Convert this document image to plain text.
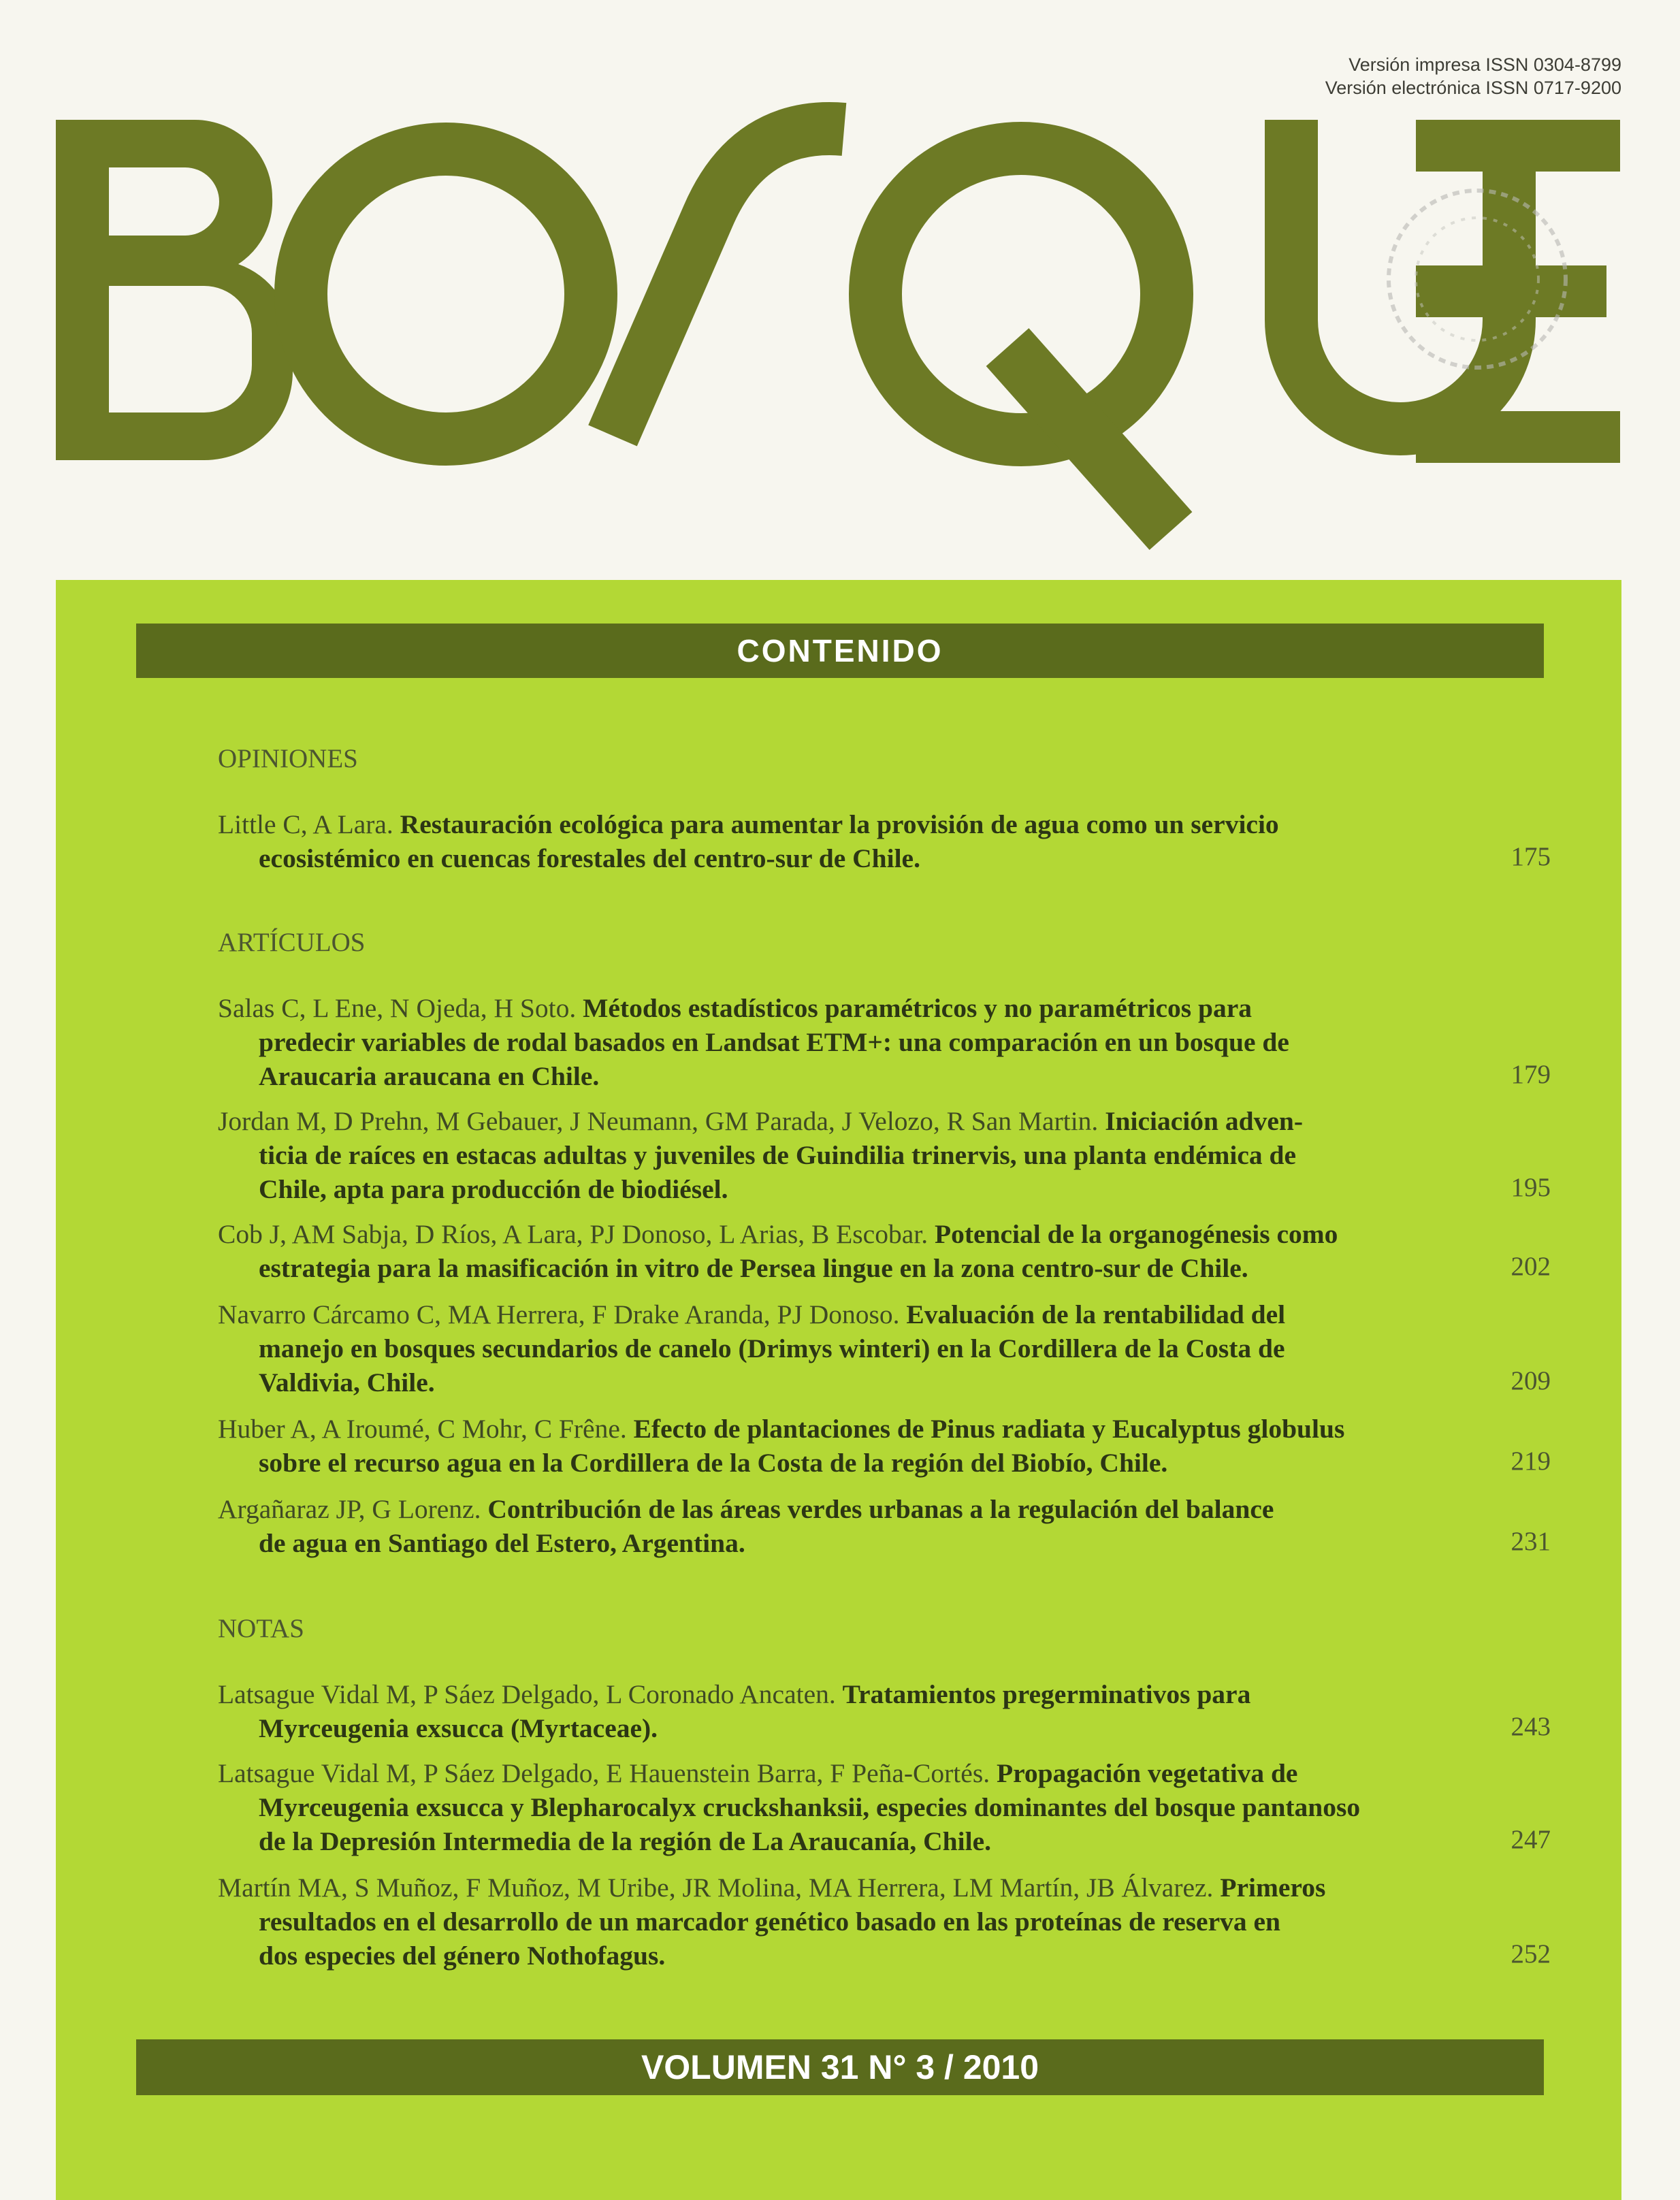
Versión impresa ISSN 0304-8799
Versión electrónica ISSN 0717-9200
CONTENIDO
OPINIONES
Little C, A Lara. Restauración ecológica para aumentar la provisión de agua como un servicio
ecosistémico en cuencas forestales del centro-sur de Chile.	175
ARTÍCULOS
Salas C, L Ene, N Ojeda, H Soto. Métodos estadísticos paramétricos y no paramétricos para
predecir variables de rodal basados en Landsat ETM+: una comparación en un bosque de
Araucaria araucana en Chile.	179
Jordan M, D Prehn, M Gebauer, J Neumann, GM Parada, J Velozo, R San Martin. Iniciación adven-
ticia de raíces en estacas adultas y juveniles de Guindilia trinervis, una planta endémica de
Chile, apta para producción de biodiésel.	195
Cob J, AM Sabja, D Ríos, A Lara, PJ Donoso, L Arias, B Escobar. Potencial de la organogénesis como
estrategia para la masificación in vitro de Persea lingue en la zona centro-sur de Chile.	202
Navarro Cárcamo C, MA Herrera, F Drake Aranda, PJ Donoso. Evaluación de la rentabilidad del
manejo en bosques secundarios de canelo (Drimys winteri) en la Cordillera de la Costa de
Valdivia, Chile.	209
Huber A, A Iroumé, C Mohr, C Frêne. Efecto de plantaciones de Pinus radiata y Eucalyptus globulus
sobre el recurso agua en la Cordillera de la Costa de la región del Biobío, Chile.	219
Argañaraz JP, G Lorenz. Contribución de las áreas verdes urbanas a la regulación del balance
de agua en Santiago del Estero, Argentina.	231
NOTAS
Latsague Vidal M, P Sáez Delgado, L Coronado Ancaten. Tratamientos pregerminativos para
Myrceugenia exsucca (Myrtaceae).	243
Latsague Vidal M, P Sáez Delgado, E Hauenstein Barra, F Peña-Cortés. Propagación vegetativa de
Myrceugenia exsucca y Blepharocalyx cruckshanksii, especies dominantes del bosque pantanoso
de la Depresión Intermedia de la región de La Araucanía, Chile.	247
Martín MA, S Muñoz, F Muñoz, M Uribe, JR Molina, MA Herrera, LM Martín, JB Álvarez. Primeros
resultados en el desarrollo de un marcador genético basado en las proteínas de reserva en
dos especies del género Nothofagus.	252
VOLUMEN 31 N° 3 / 2010
